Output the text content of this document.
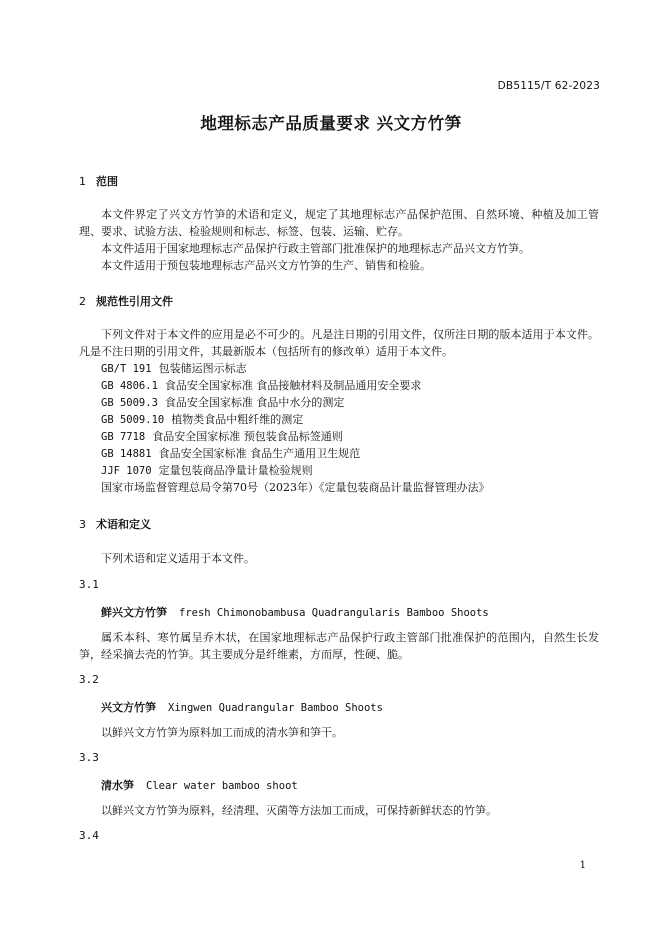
DB5115/T 62-2023
地理标志产品质量要求 兴文方竹笋
1 范围
本文件界定了兴文方竹笋的术语和定义，规定了其地理标志产品保护范围、自然环境、种植及加工管理、要求、试验方法、检验规则和标志、标签、包装、运输、贮存。
本文件适用于国家地理标志产品保护行政主管部门批准保护的地理标志产品兴文方竹笋。
本文件适用于预包装地理标志产品兴文方竹笋的生产、销售和检验。
2 规范性引用文件
下列文件对于本文件的应用是必不可少的。凡是注日期的引用文件，仅所注日期的版本适用于本文件。凡是不注日期的引用文件，其最新版本（包括所有的修改单）适用于本文件。
GB/T 191 包装储运图示标志
GB 4806.1 食品安全国家标准 食品接触材料及制品通用安全要求
GB 5009.3 食品安全国家标准 食品中水分的测定
GB 5009.10 植物类食品中粗纤维的测定
GB 7718 食品安全国家标准 预包装食品标签通则
GB 14881 食品安全国家标准 食品生产通用卫生规范
JJF 1070 定量包装商品净量计量检验规则
国家市场监督管理总局令第70号（2023年）《定量包装商品计量监督管理办法》
3 术语和定义
下列术语和定义适用于本文件。
3.1
鲜兴文方竹笋 fresh Chimonobambusa Quadrangularis Bamboo Shoots
属禾本科、寒竹属呈乔木状，在国家地理标志产品保护行政主管部门批准保护的范围内，自然生长发笋，经采摘去壳的竹笋。其主要成分是纤维素，方而厚，性硬、脆。
3.2
兴文方竹笋 Xingwen Quadrangular Bamboo Shoots
以鲜兴文方竹笋为原料加工而成的清水笋和笋干。
3.3
清水笋 Clear water bamboo shoot
以鲜兴文方竹笋为原料，经清理、灭菌等方法加工而成，可保持新鲜状态的竹笋。
3.4
1
